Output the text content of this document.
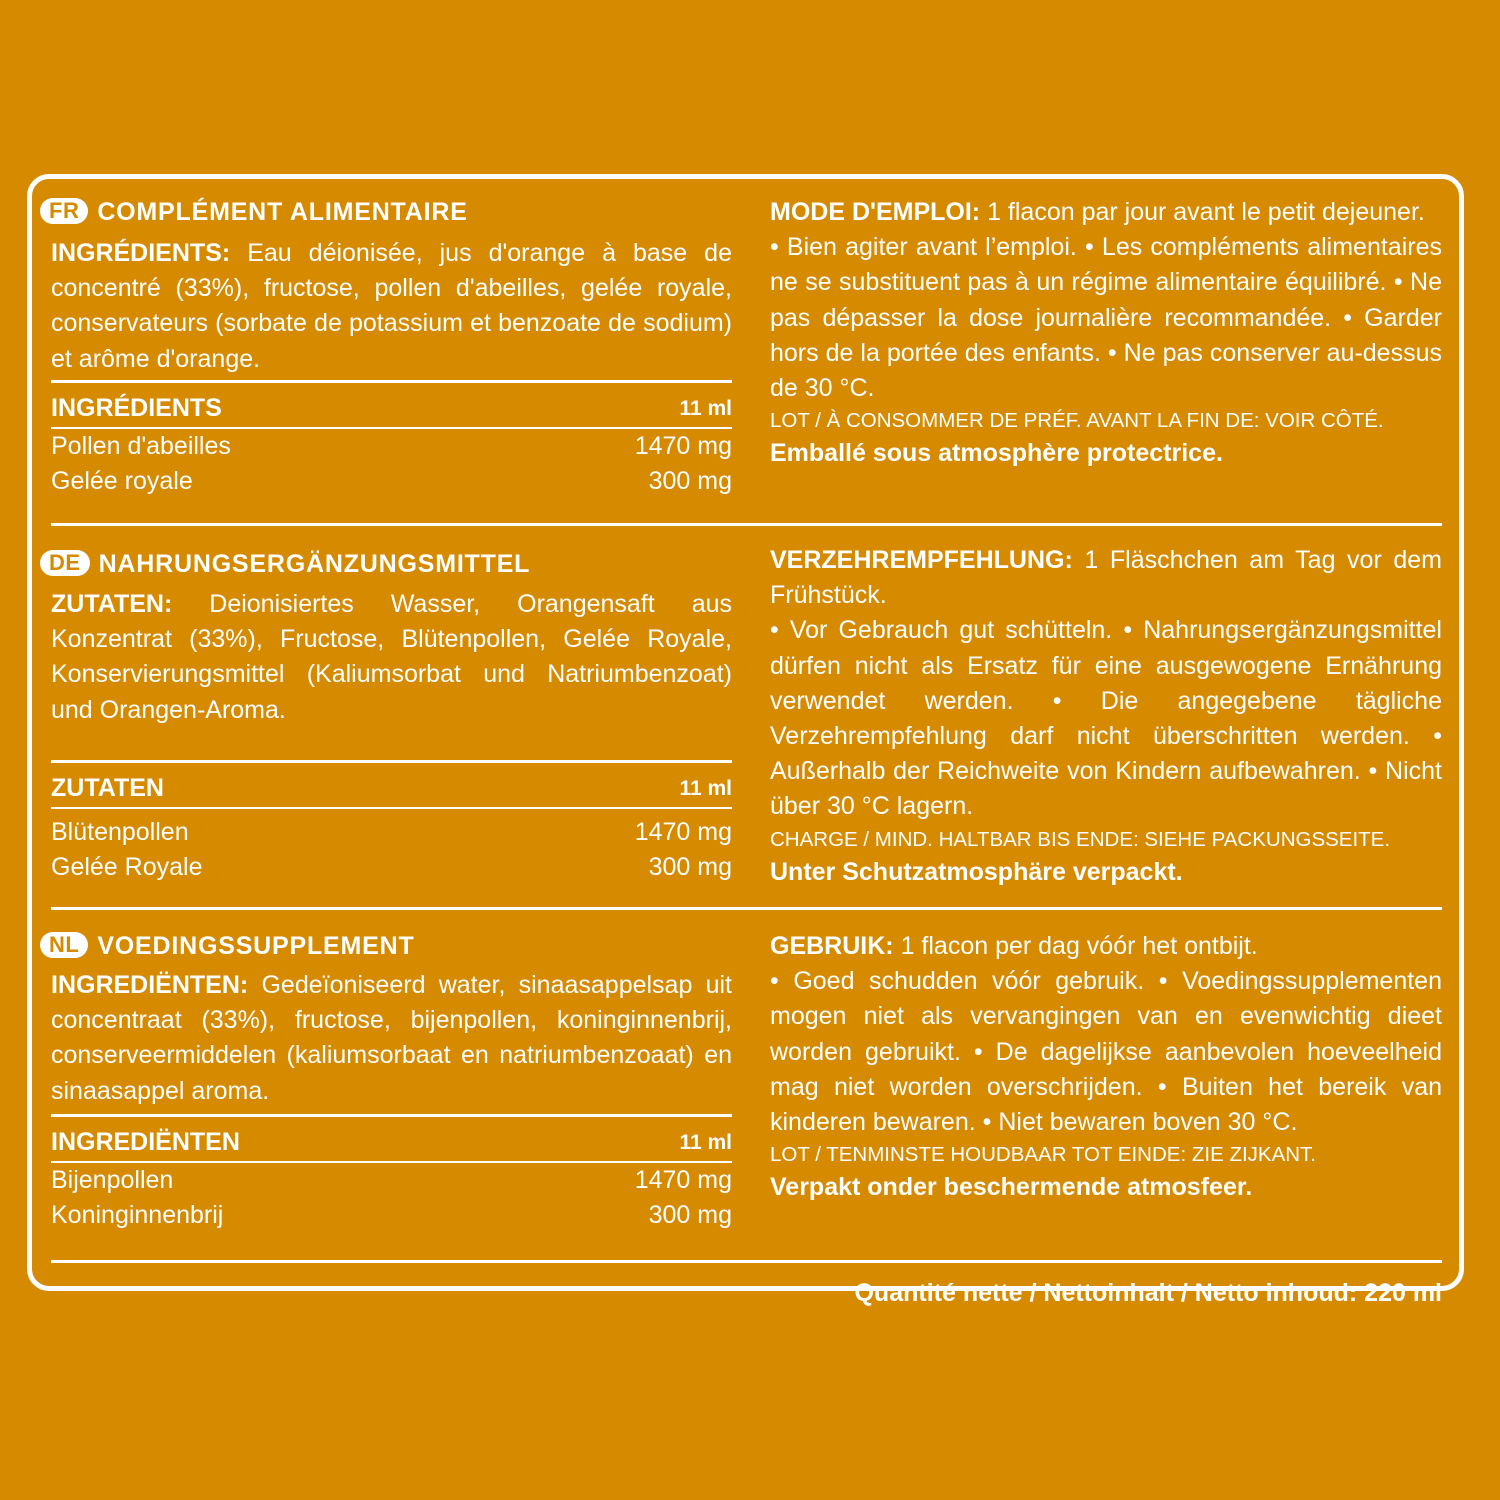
FR COMPLÉMENT ALIMENTAIRE
INGRÉDIENTS: Eau déionisée, jus d'orange à base de concentré (33%), fructose, pollen d'abeilles, gelée royale, conservateurs (sorbate de potassium et benzoate de sodium) et arôme d'orange.
INGRÉDIENTS	11 ml
Pollen d'abeilles	1470 mg
Gelée royale	300 mg
MODE D'EMPLOI: 1 flacon par jour avant le petit dejeuner.
• Bien agiter avant l’emploi. • Les compléments alimentaires ne se substituent pas à un régime alimentaire équilibré. • Ne pas dépasser la dose journalière recommandée. • Garder hors de la portée des enfants. • Ne pas conserver au-dessus de 30 °C.
LOT / À CONSOMMER DE PRÉF. AVANT LA FIN DE: VOIR CÔTÉ.
Emballé sous atmosphère protectrice.
DE NAHRUNGSERGÄNZUNGSMITTEL
ZUTATEN: Deionisiertes Wasser, Orangensaft aus Konzentrat (33%), Fructose, Blütenpollen, Gelée Royale, Konservierungsmittel (Kaliumsorbat und Natriumbenzoat) und Orangen-Aroma.
ZUTATEN	11 ml
Blütenpollen	1470 mg
Gelée Royale	300 mg
VERZEHREMPFEHLUNG: 1 Fläschchen am Tag vor dem Frühstück.
• Vor Gebrauch gut schütteln. • Nahrungsergänzungsmittel dürfen nicht als Ersatz für eine ausgewogene Ernährung verwendet werden. • Die angegebene tägliche Verzehrempfehlung darf nicht überschritten werden. • Außerhalb der Reichweite von Kindern aufbewahren. • Nicht über 30 °C lagern.
CHARGE / MIND. HALTBAR BIS ENDE: SIEHE PACKUNGSSEITE.
Unter Schutzatmosphäre verpackt.
NL VOEDINGSSUPPLEMENT
INGREDIËNTEN: Gedeïoniseerd water, sinaasappelsap uit concentraat (33%), fructose, bijenpollen, koninginnenbrij, conserveermiddelen (kaliumsorbaat en natriumbenzoaat) en sinaasappel aroma.
INGREDIËNTEN	11 ml
Bijenpollen	1470 mg
Koninginnenbrij	300 mg
GEBRUIK: 1 flacon per dag vóór het ontbijt.
• Goed schudden vóór gebruik. • Voedingssupplementen mogen niet als vervangingen van en evenwichtig dieet worden gebruikt. • De dagelijkse aanbevolen hoeveelheid mag niet worden overschrijden. • Buiten het bereik van kinderen bewaren. • Niet bewaren boven 30 °C.
LOT / TENMINSTE HOUDBAAR TOT EINDE: ZIE ZIJKANT.
Verpakt onder beschermende atmosfeer.
Quantité nette / Nettoinhalt / Netto inhoud: 220 ml
